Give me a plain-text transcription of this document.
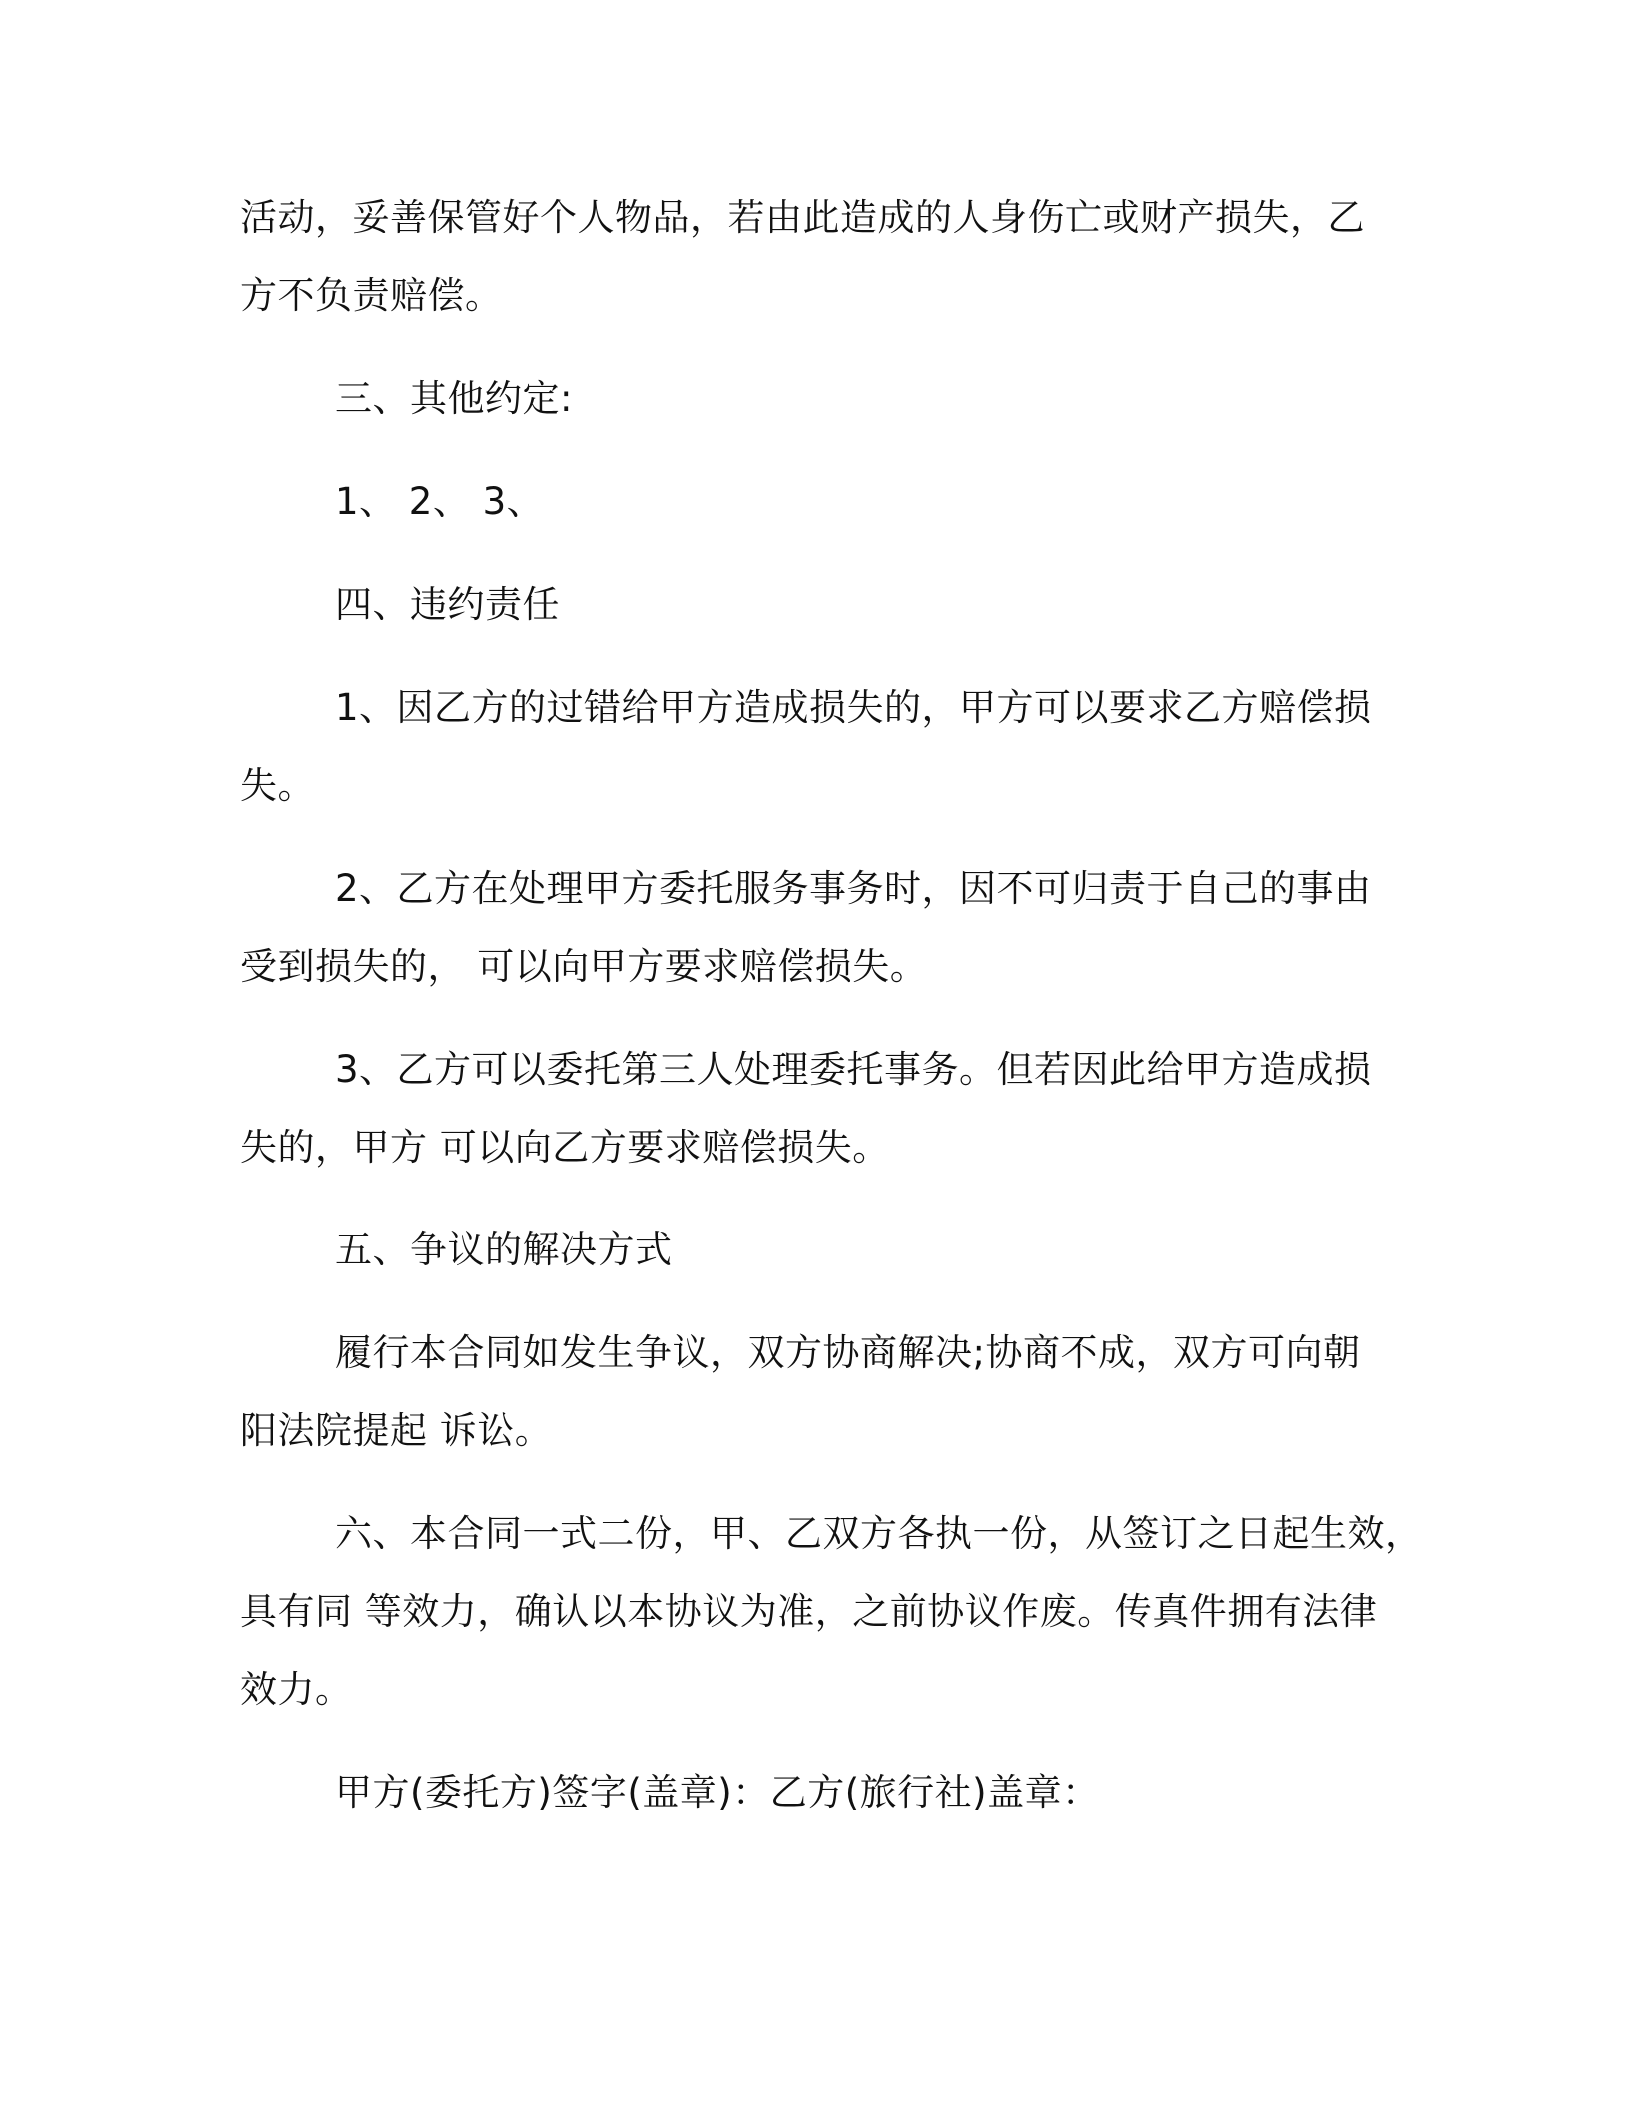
活动，妥善保管好个人物品，若由此造成的人身伤亡或财产损失，乙
方不负责赔偿。
三、其他约定:
1、 2、 3、
四、违约责任
1、因乙方的过错给甲方造成损失的，甲方可以要求乙方赔偿损
失。
2、乙方在处理甲方委托服务事务时，因不可归责于自己的事由
受到损失的， 可以向甲方要求赔偿损失。
3、乙方可以委托第三人处理委托事务。但若因此给甲方造成损
失的，甲方 可以向乙方要求赔偿损失。
五、争议的解决方式
履行本合同如发生争议，双方协商解决;协商不成，双方可向朝
阳法院提起 诉讼。
六、本合同一式二份，甲、乙双方各执一份，从签订之日起生效，
具有同 等效力，确认以本协议为准，之前协议作废。传真件拥有法律
效力。
甲方(委托方)签字(盖章)：乙方(旅行社)盖章：
